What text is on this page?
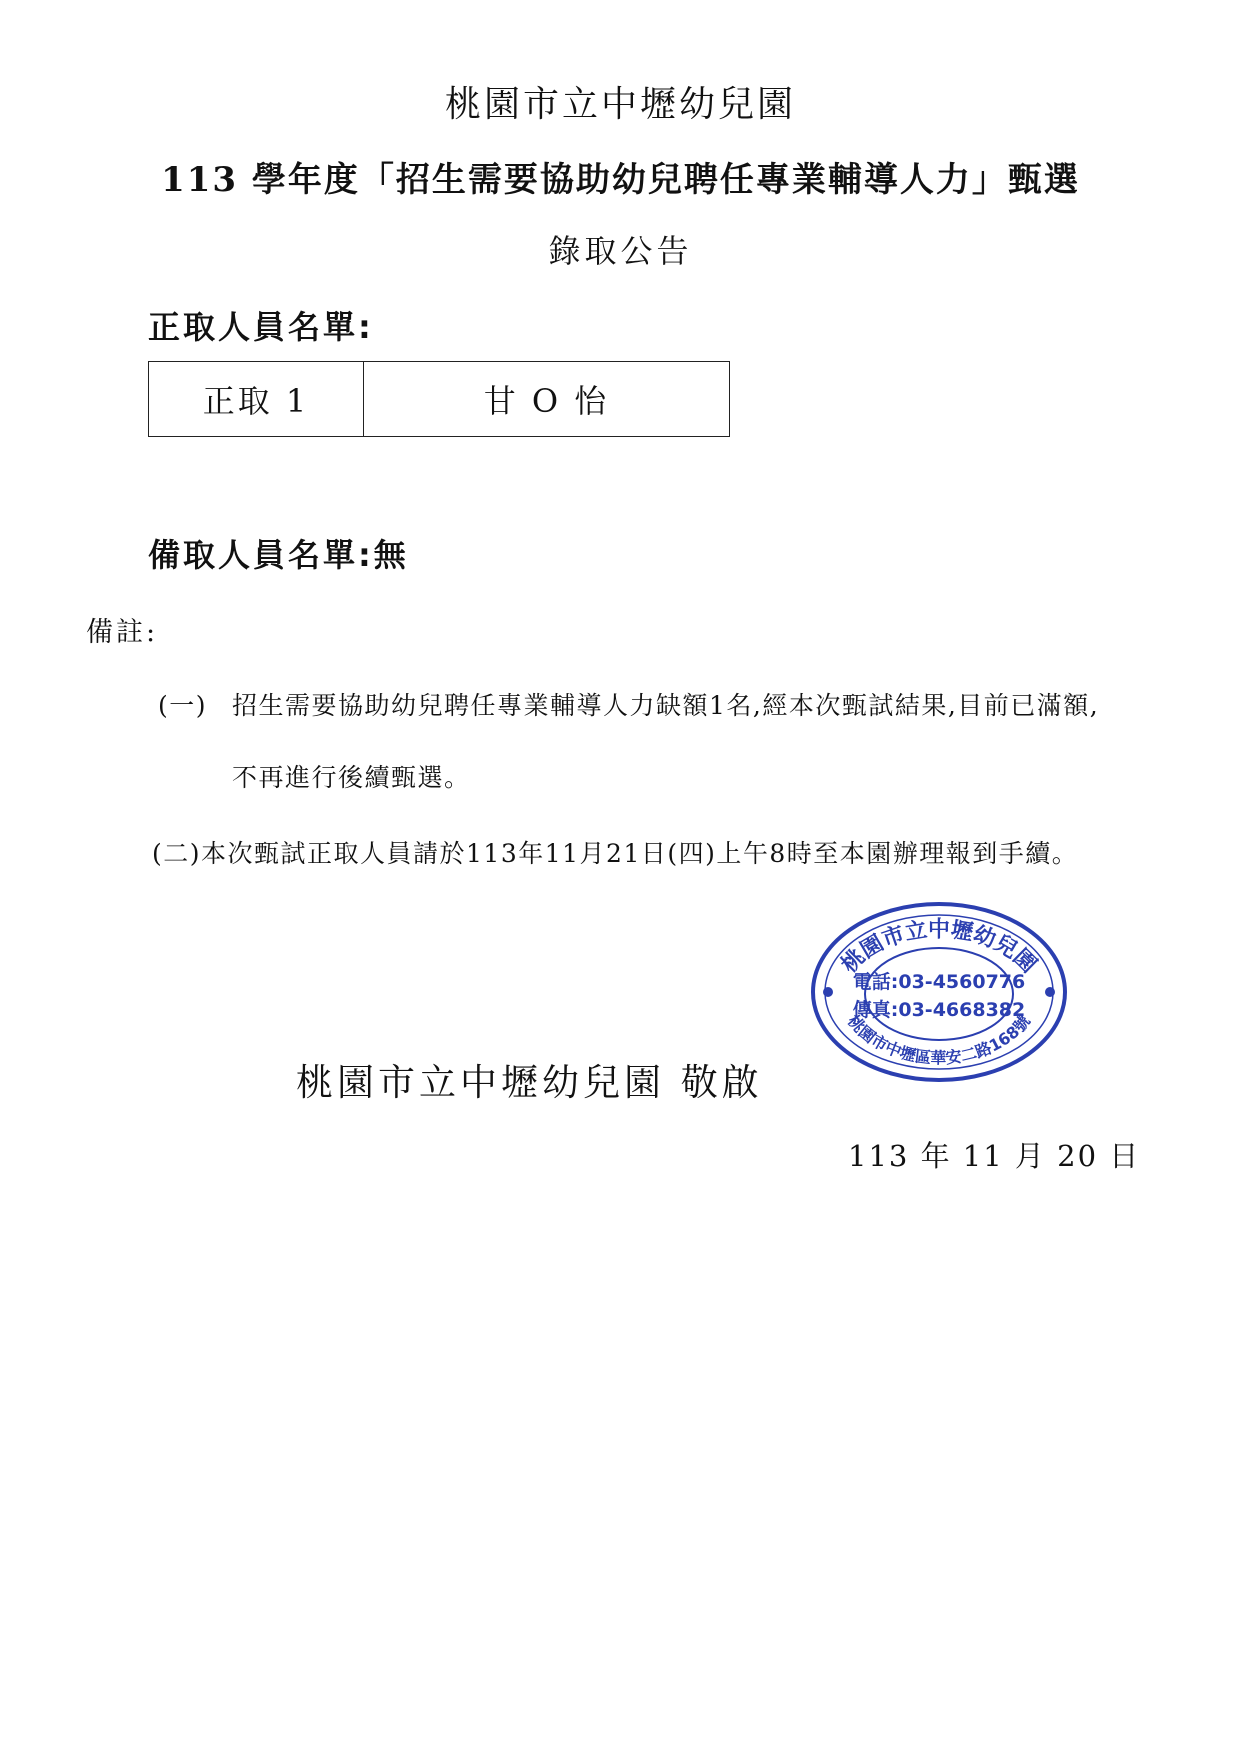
桃園市立中壢幼兒園
113 學年度「招生需要協助幼兒聘任專業輔導人力」甄選
錄取公告
正取人員名單:
正取 1	甘 O 怡
備取人員名單:無
備註:
(一) 招生需要協助幼兒聘任專業輔導人力缺額1名,經本次甄試結果,目前已滿額,
不再進行後續甄選。
(二)本次甄試正取人員請於113年11月21日(四)上午8時至本園辦理報到手續。
桃園市立中壢幼兒園
電話:03-4560776
傳真:03-4668382
桃園市中壢區華安二路168號
桃園市立中壢幼兒園 敬啟
113 年 11 月 20 日
